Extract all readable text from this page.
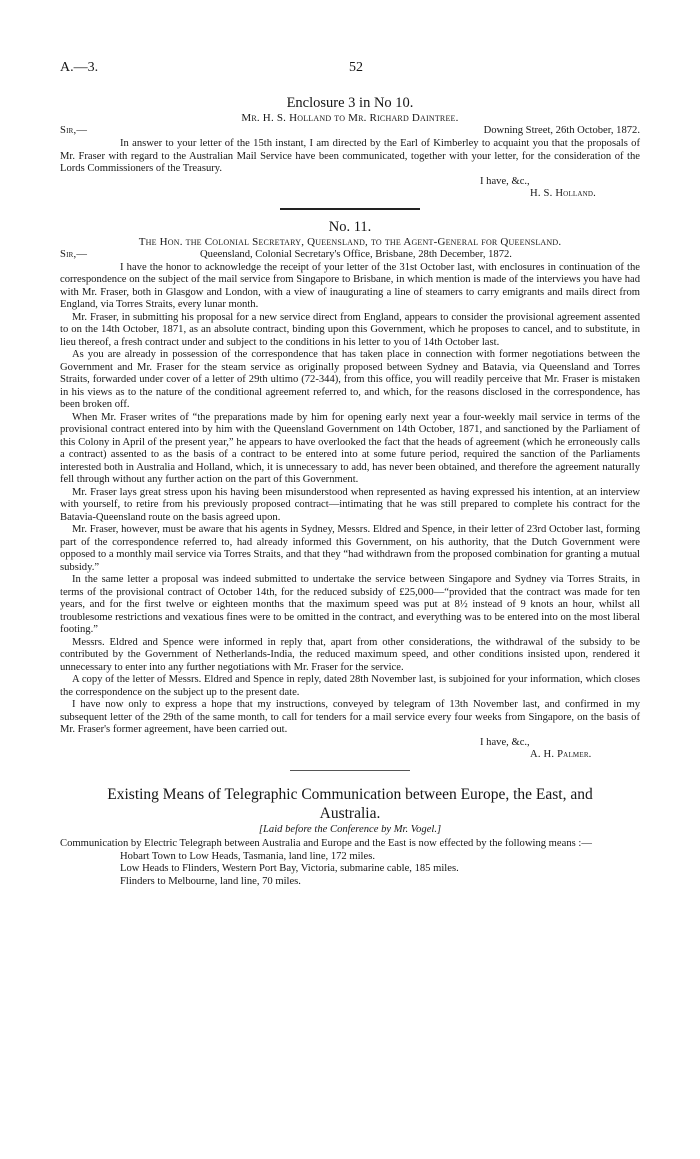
A.—3.	52
Enclosure 3 in No 10.
Mr. H. S. Holland to Mr. Richard Daintree.
Sir,—	Downing Street, 26th October, 1872.

In answer to your letter of the 15th instant, I am directed by the Earl of Kimberley to acquaint you that the proposals of Mr. Fraser with regard to the Australian Mail Service have been communicated, together with your letter, for the consideration of the Lords Commissioners of the Treasury.

I have, &c.,
H. S. Holland.
No. 11.
The Hon. the Colonial Secretary, Queensland, to the Agent-General for Queensland.
Sir,—	Queensland, Colonial Secretary's Office, Brisbane, 28th December, 1872.

I have the honor to acknowledge the receipt of your letter of the 31st October last, with enclosures in continuation of the correspondence on the subject of the mail service from Singapore to Brisbane, in which mention is made of the interviews you have had with Mr. Fraser, both in Glasgow and London, with a view of inaugurating a line of steamers to carry emigrants and mails direct from England, via Torres Straits, every lunar month.

Mr. Fraser, in submitting his proposal for a new service direct from England, appears to consider the provisional agreement assented to on the 14th October, 1871, as an absolute contract, binding upon this Government, which he proposes to cancel, and to substitute, in lieu thereof, a fresh contract under and subject to the conditions in his letter to you of 14th October last.

As you are already in possession of the correspondence that has taken place in connection with former negotiations between the Government and Mr. Fraser for the steam service as originally proposed between Sydney and Batavia, via Queensland and Torres Straits, forwarded under cover of a letter of 29th ultimo (72-344), from this office, you will readily perceive that Mr. Fraser is mistaken in his views as to the nature of the conditional agreement referred to, and which, for the reasons disclosed in the correspondence, has been broken off.

When Mr. Fraser writes of “the preparations made by him for opening early next year a four-weekly mail service in terms of the provisional contract entered into by him with the Queensland Government on 14th October, 1871, and sanctioned by the Parliament of this Colony in April of the present year,” he appears to have overlooked the fact that the heads of agreement (which he erroneously calls a contract) assented to as the basis of a contract to be entered into at some future period, required the sanction of the Parliaments interested both in Australia and Holland, which, it is unnecessary to add, has never been obtained, and therefore the agreement naturally fell through without any further action on the part of this Government.

Mr. Fraser lays great stress upon his having been misunderstood when represented as having expressed his intention, at an interview with yourself, to retire from his previously proposed contract—intimating that he was still prepared to complete his contract for the Batavia-Queensland route on the basis agreed upon.

Mr. Fraser, however, must be aware that his agents in Sydney, Messrs. Eldred and Spence, in their letter of 23rd October last, forming part of the correspondence referred to, had already informed this Government, on his authority, that the Dutch Government were opposed to a monthly mail service via Torres Straits, and that they “had withdrawn from the proposed combination for granting a mutual subsidy.”

In the same letter a proposal was indeed submitted to undertake the service between Singapore and Sydney via Torres Straits, in terms of the provisional contract of October 14th, for the reduced subsidy of £25,000—“provided that the contract was made for ten years, and for the first twelve or eighteen months that the maximum speed was put at 8½ instead of 9 knots an hour, whilst all troublesome restrictions and vexatious fines were to be omitted in the contract, and everything was to be entered into on the most liberal footing.”

Messrs. Eldred and Spence were informed in reply that, apart from other considerations, the withdrawal of the subsidy to be contributed by the Government of Netherlands-India, the reduced maximum speed, and other conditions insisted upon, rendered it unnecessary to enter into any further negotiations with Mr. Fraser for the service.

A copy of the letter of Messrs. Eldred and Spence in reply, dated 28th November last, is subjoined for your information, which closes the correspondence on the subject up to the present date.

I have now only to express a hope that my instructions, conveyed by telegram of 13th November last, and confirmed in my subsequent letter of the 29th of the same month, to call for tenders for a mail service every four weeks from Singapore, on the basis of Mr. Fraser's former agreement, have been carried out.

I have, &c.,
A. H. Palmer.
Existing Means of Telegraphic Communication between Europe, the East, and
Australia.
[Laid before the Conference by Mr. Vogel.]

Communication by Electric Telegraph between Australia and Europe and the East is now effected by the following means :—

Hobart Town to Low Heads, Tasmania, land line, 172 miles.

Low Heads to Flinders, Western Port Bay, Victoria, submarine cable, 185 miles.

Flinders to Melbourne, land line, 70 miles.
